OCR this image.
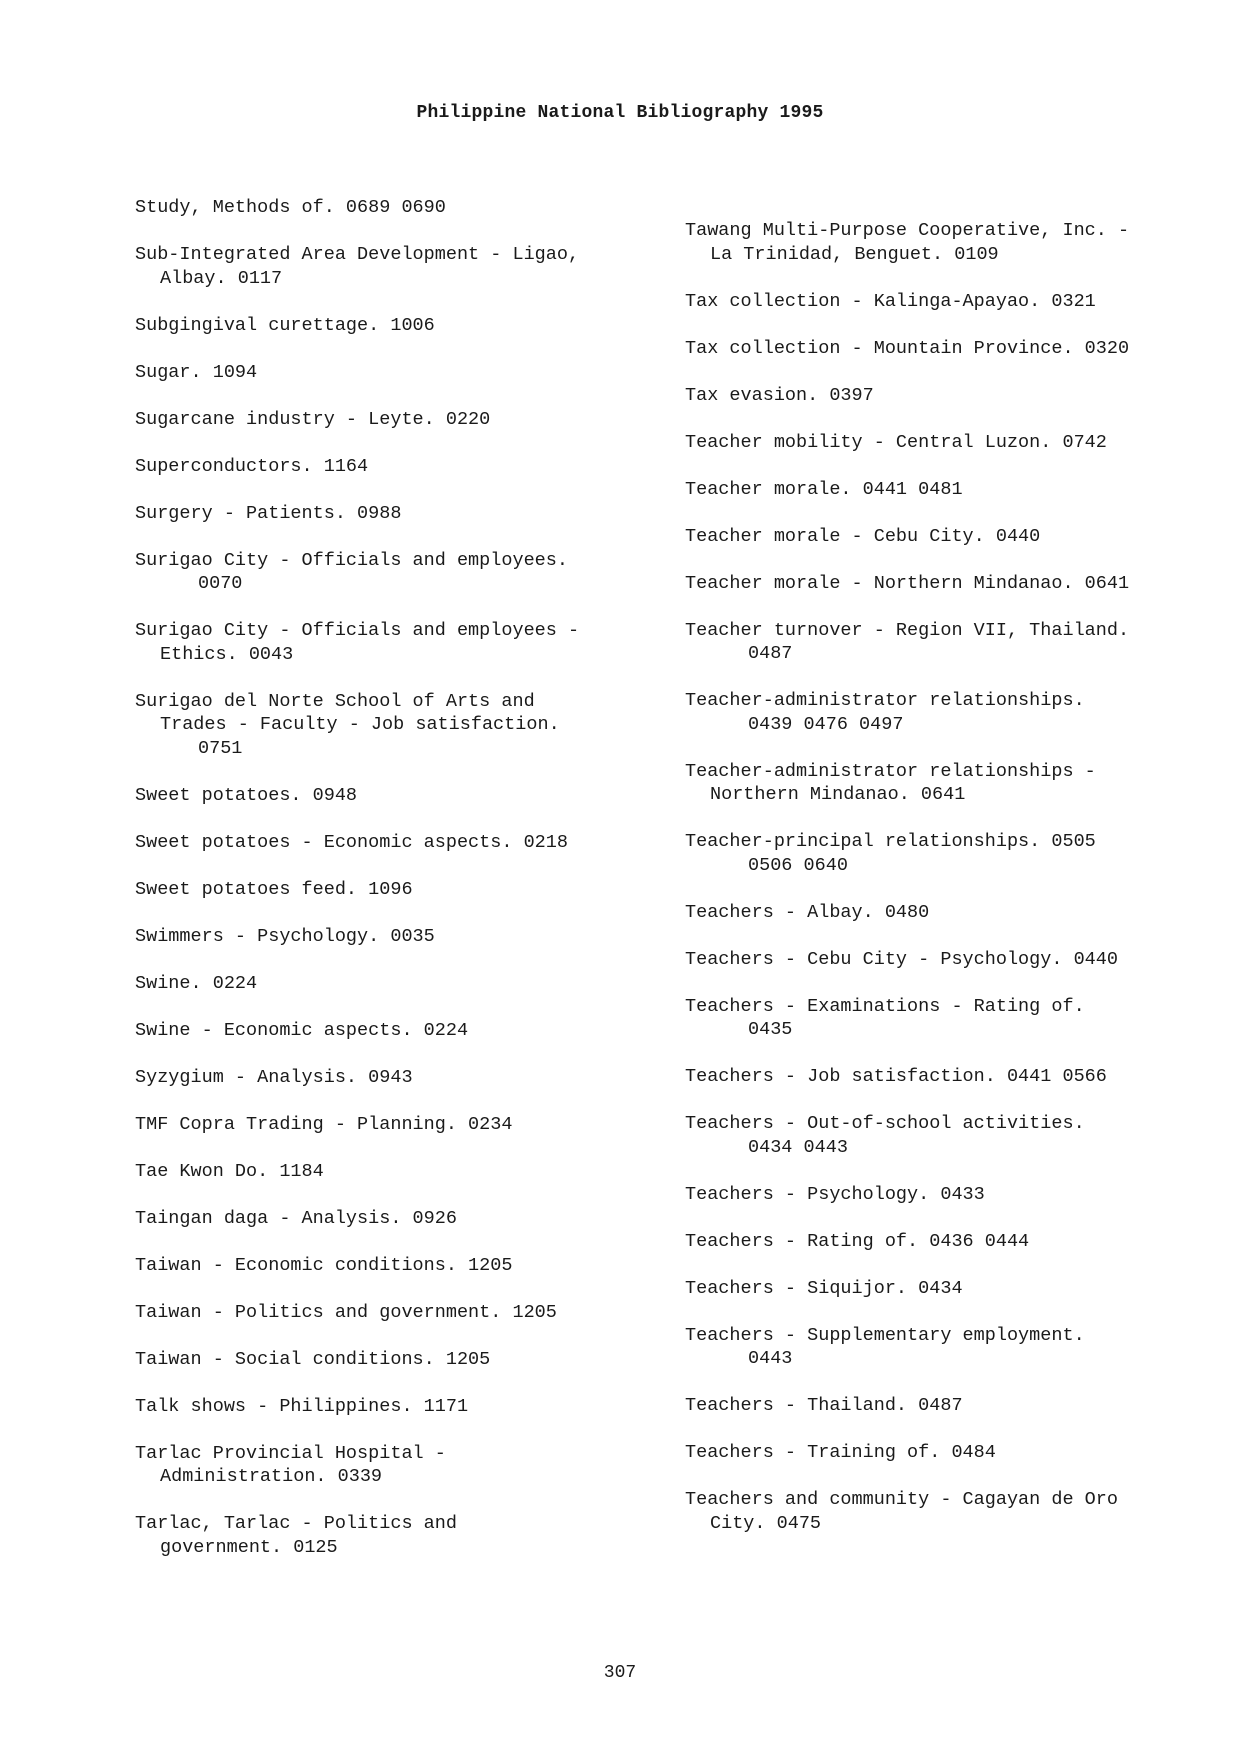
Philippine National Bibliography 1995
Study, Methods of. 0689 0690
Sub-Integrated Area Development - Ligao,
Albay. 0117
Subgingival curettage. 1006
Sugar. 1094
Sugarcane industry - Leyte. 0220
Superconductors. 1164
Surgery - Patients. 0988
Surigao City - Officials and employees.
0070
Surigao City - Officials and employees -
Ethics. 0043
Surigao del Norte School of Arts and
Trades - Faculty - Job satisfaction.
0751
Sweet potatoes. 0948
Sweet potatoes - Economic aspects. 0218
Sweet potatoes feed. 1096
Swimmers - Psychology. 0035
Swine. 0224
Swine - Economic aspects. 0224
Syzygium - Analysis. 0943
TMF Copra Trading - Planning. 0234
Tae Kwon Do. 1184
Taingan daga - Analysis. 0926
Taiwan - Economic conditions. 1205
Taiwan - Politics and government. 1205
Taiwan - Social conditions. 1205
Talk shows - Philippines. 1171
Tarlac Provincial Hospital -
Administration. 0339
Tarlac, Tarlac - Politics and
government. 0125
Tawang Multi-Purpose Cooperative, Inc. -
La Trinidad, Benguet. 0109
Tax collection - Kalinga-Apayao. 0321
Tax collection - Mountain Province. 0320
Tax evasion. 0397
Teacher mobility - Central Luzon. 0742
Teacher morale. 0441 0481
Teacher morale - Cebu City. 0440
Teacher morale - Northern Mindanao. 0641
Teacher turnover - Region VII, Thailand.
0487
Teacher-administrator relationships.
0439 0476 0497
Teacher-administrator relationships -
Northern Mindanao. 0641
Teacher-principal relationships. 0505
0506 0640
Teachers - Albay. 0480
Teachers - Cebu City - Psychology. 0440
Teachers - Examinations - Rating of.
0435
Teachers - Job satisfaction. 0441 0566
Teachers - Out-of-school activities.
0434 0443
Teachers - Psychology. 0433
Teachers - Rating of. 0436 0444
Teachers - Siquijor. 0434
Teachers - Supplementary employment.
0443
Teachers - Thailand. 0487
Teachers - Training of. 0484
Teachers and community - Cagayan de Oro
City. 0475
307
